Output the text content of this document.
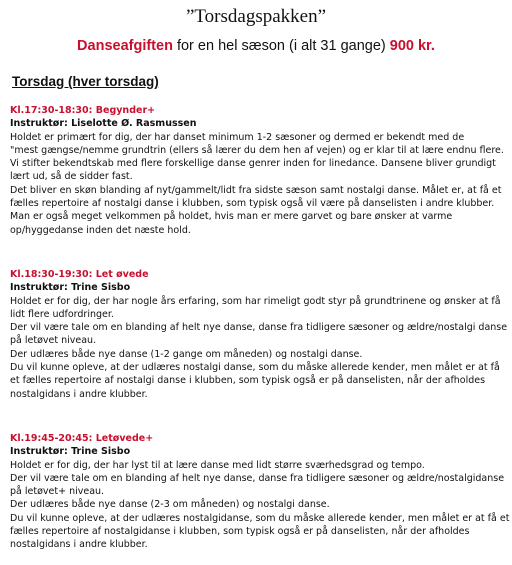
”Torsdagspakken”
Danseafgiften for en hel sæson (i alt 31 gange) 900 kr.
Torsdag (hver torsdag)

Kl.17:30-18:30: Begynder+

Instruktør: Liselotte Ø. Rasmussen

Holdet er primært for dig, der har danset minimum 1-2 sæsoner og dermed er bekendt med de

"mest gængse/nemme grundtrin (ellers så lærer du dem hen af vejen) og er klar til at lære endnu flere.

Vi stifter bekendtskab med flere forskellige danse genrer inden for linedance. Dansene bliver grundigt

lært ud, så de sidder fast.

Det bliver en skøn blanding af nyt/gammelt/lidt fra sidste sæson samt nostalgi danse. Målet er, at få et

fælles repertoire af nostalgi danse i klubben, som typisk også vil være på danselisten i andre klubber.

Man er også meget velkommen på holdet, hvis man er mere garvet og bare ønsker at varme

op/hyggedanse inden det næste hold.

Kl.18:30-19:30: Let øvede

Instruktør: Trine Sisbo

Holdet er for dig, der har nogle års erfaring, som har rimeligt godt styr på grundtrinene og ønsker at få

lidt flere udfordringer.

Der vil være tale om en blanding af helt nye danse, danse fra tidligere sæsoner og ældre/nostalgi danse

på letøvet niveau.

Der udlæres både nye danse (1-2 gange om måneden) og nostalgi danse.

Du vil kunne opleve, at der udlæres nostalgi danse, som du måske allerede kender, men målet er at få

et fælles repertoire af nostalgi danse i klubben, som typisk også er på danselisten, når der afholdes

nostalgidans i andre klubber.

Kl.19:45-20:45: Letøvede+

Instruktør: Trine Sisbo

Holdet er for dig, der har lyst til at lære danse med lidt større sværhedsgrad og tempo.

Der vil være tale om en blanding af helt nye danse, danse fra tidligere sæsoner og ældre/nostalgidanse

på letøvet+ niveau.

Der udlæres både nye danse (2-3 om måneden) og nostalgi danse.

Du vil kunne opleve, at der udlæres nostalgidanse, som du måske allerede kender, men målet er at få et

fælles repertoire af nostalgidanse i klubben, som typisk også er på danselisten, når der afholdes

nostalgidans i andre klubber.
